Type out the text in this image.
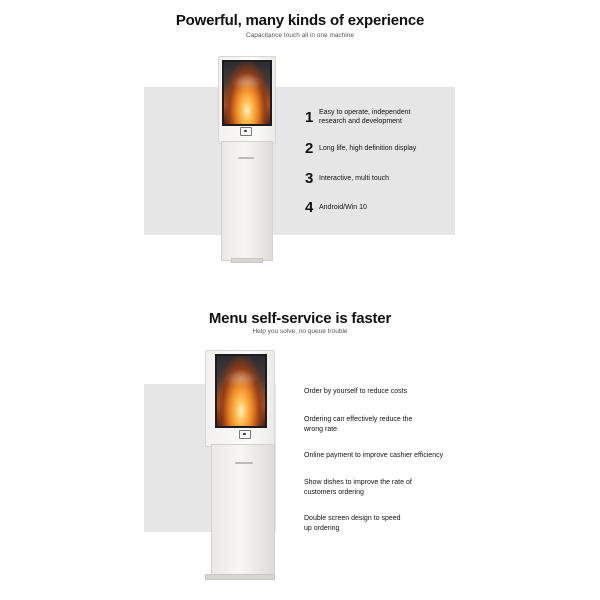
Powerful, many kinds of experience
Capacitance touch all in one machine
1 Easy to operate, independent
research and development
2 Long life, high definition display
3 Interactive, multi touch
4 Android/Win 10
Menu self-service is faster
Help you solve, no queue trouble
Order by yourself to reduce costs
Ordering can effectively reduce the
wrong rate
Online payment to improve cashier efficiency
Show dishes to improve the rate of
customers ordering
Double screen design to speed
up ordering
